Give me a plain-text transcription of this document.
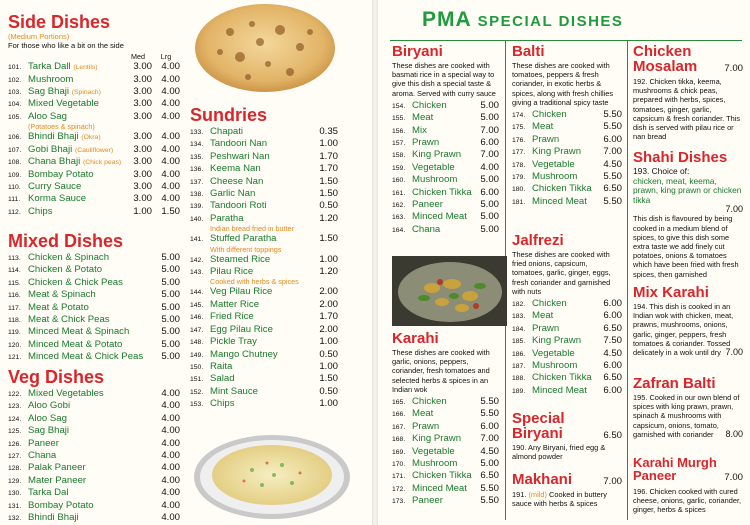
Side Dishes
(Medium Portions)
For those who like a bit on the side
Med	Lrg
101. Tarka Dall (Lentils)	3.00 4.00
102. Mushroom	3.00 4.00
103. Sag Bhaji (Spinach)	3.00 4.00
104. Mixed Vegetable	3.00 4.00
105. Aloo Sag	3.00 4.00
(Potatoes & spinach)
106. Bhindi Bhaji (Okra)	3.00 4.00
107. Gobi Bhaji (Cauliflower)	3.00 4.00
108. Chana Bhaji (Chick peas)	3.00 4.00
109. Bombay Potato	3.00 4.00
110. Curry Sauce	3.00 4.00
111. Korma Sauce	3.00 4.00
112. Chips	1.00 1.50
Mixed Dishes
113. Chicken & Spinach	5.00
114. Chicken & Potato	5.00
115. Chicken & Chick Peas	5.00
116. Meat & Spinach	5.00
117. Meat & Potato	5.00
118. Meat & Chick Peas	5.00
119. Minced Meat & Spinach	5.00
120. Minced Meat & Potato	5.00
121. Minced Meat & Chick Peas	5.00
Veg Dishes
122. Mixed Vegetables	4.00
123. Aloo Gobi	4.00
124. Aloo Sag	4.00
125. Sag Bhaji	4.00
126. Paneer	4.00
127. Chana	4.00
128. Palak Paneer	4.00
129. Mater Paneer	4.00
130. Tarka Dal	4.00
131. Bombay Potato	4.00
132. Bhindi Bhaji	4.00
Sundries
133. Chapati	0.35
134. Tandoori Nan	1.00
135. Peshwari Nan	1.70
136. Keema Nan	1.70
137. Cheese Nan	1.50
138. Garlic Nan	1.50
139. Tandoori Roti	0.50
140. Paratha	1.20
Indian bread fried in butter
141. Stuffed Paratha	1.50
With different toppings
142. Steamed Rice	1.00
143. Pilau Rice	1.20
Cooked with herbs & spices
144. Veg Pilau Rice	2.00
145. Matter Rice	2.00
146. Fried Rice	1.70
147. Egg Pilau Rice	2.00
148. Pickle Tray	1.00
149. Mango Chutney	0.50
150. Raita	1.00
151. Salad	1.50
152. Mint Sauce	0.50
153. Chips	1.00
PMA SPECIAL DISHES
Biryani
These dishes are cooked with basmati rice in a special way to give this dish a special taste & aroma. Served with curry sauce
154. Chicken	5.00
155. Meat	5.00
156. Mix	7.00
157. Prawn	6.00
158. King Prawn	7.00
159. Vegetable	4.00
160. Mushroom	5.00
161. Chicken Tikka 6.00
162. Paneer	5.00
163. Minced Meat	5.00
164. Chana	5.00
Karahi
These dishes are cooked with garlic, onions, peppers, coriander, fresh tomatoes and selected herbs & spices in an Indian wok
165. Chicken	5.50
166. Meat	5.50
167. Prawn	6.00
168. King Prawn	7.00
169. Vegetable	4.50
170. Mushroom	5.00
171. Chicken Tikka 6.50
172. Minced Meat	5.50
173. Paneer	5.50
Balti
These dishes are cooked with tomatoes, peppers & fresh coriander, in exotic herbs & spices, along with fresh chillies giving a traditional spicy taste
174. Chicken	5.50
175. Meat	5.50
176. Prawn	6.00
177. King Prawn	7.00
178. Vegetable	4.50
179. Mushroom	5.50
180. Chicken Tikka	6.50
181. Minced Meat	5.50
Jalfrezi
These dishes are cooked with fried onions, capsicum, tomatoes, garlic, ginger, eggs, fresh coriander and garnished with nuts
182. Chicken	6.00
183. Meat	6.00
184. Prawn	6.50
185. King Prawn	7.50
186. Vegetable	4.50
187. Mushroom	6.00
188. Chicken Tikka	6.50
189. Minced Meat	6.00
Special
Biryani	6.50
190. Any Biryani, fried egg & almond powder
Makhani	7.00
191. (mild) Cooked in buttery sauce with herbs & spices
Chicken
Mosalam	7.00
192. Chicken tikka, keema, mushrooms & chick peas, prepared with herbs, spices, tomatoes, ginger, garlic, capsicum & fresh coriander. This dish is served with pilau rice or nan bread
Shahi Dishes
193. Choice of:
chicken, meat, keema, prawn, king prawn or chicken tikka
7.00
This dish is flavoured by being cooked in a medium blend of spices, to give this dish some extra taste we add finely cut potatoes, onions & tomatoes which have been fried with fresh spices, then garnished
Mix Karahi
194. This dish is cooked in an Indian wok with chicken, meat, prawns, mushrooms, onions, garlic, ginger, peppers, fresh tomatoes & coriander. Tossed delicately in a wok until dry 7.00
Zafran Balti
195. Cooked in our own blend of spices with king prawn, prawn, spinach & mushrooms with capsicum, onions, tomato, garnished with coriander	8.00
Karahi Murgh
Paneer	7.00
196. Chicken cooked with cured cheese, onions, garlic, coriander, ginger, herbs & spices
